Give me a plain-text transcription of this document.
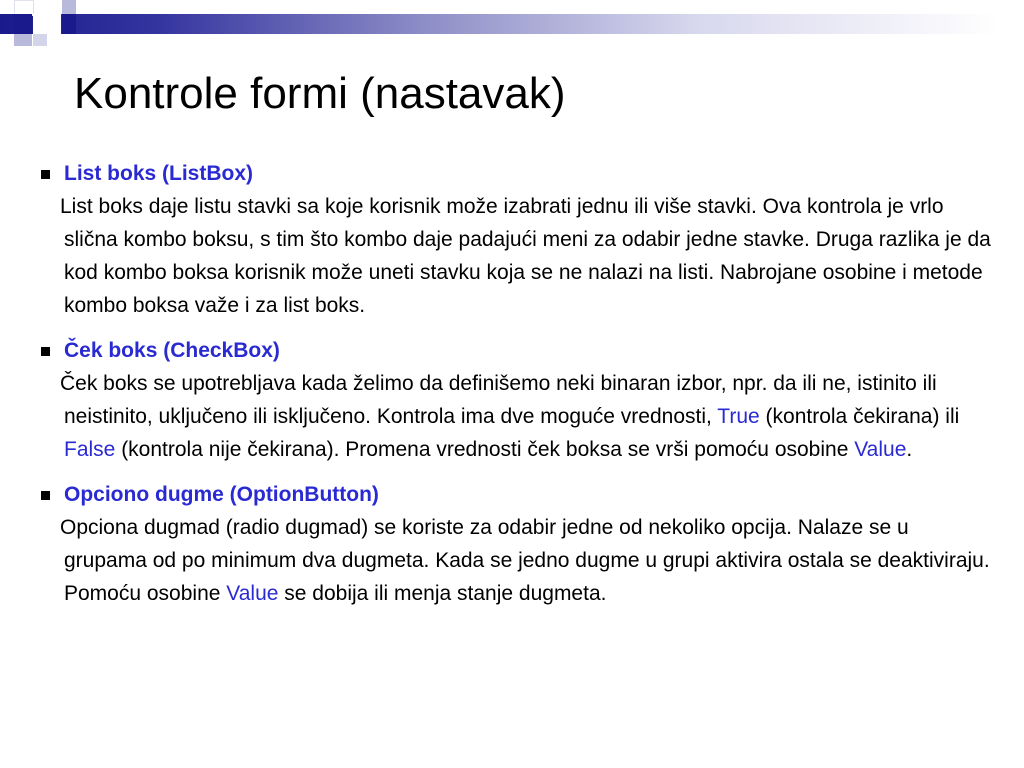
Kontrole formi (nastavak)
List boks (ListBox)

List boks daje listu stavki sa koje korisnik može izabrati jednu ili više stavki. Ova kontrola je vrlo slična kombo boksu, s tim što kombo daje padajući meni za odabir jedne stavke. Druga razlika je da kod kombo boksa korisnik može uneti stavku koja se ne nalazi na listi. Nabrojane osobine i metode kombo boksa važe i za list boks.

Ček boks (CheckBox)

Ček boks se upotrebljava kada želimo da definišemo neki binaran izbor, npr. da ili ne, istinito ili neistinito, uključeno ili isključeno. Kontrola ima dve moguće vrednosti, True (kontrola čekirana) ili False (kontrola nije čekirana). Promena vrednosti ček boksa se vrši pomoću osobine Value.

Opciono dugme (OptionButton)

Opciona dugmad (radio dugmad) se koriste za odabir jedne od nekoliko opcija. Nalaze se u grupama od po minimum dva dugmeta. Kada se jedno dugme u grupi aktivira ostala se deaktiviraju. Pomoću osobine Value se dobija ili menja stanje dugmeta.
